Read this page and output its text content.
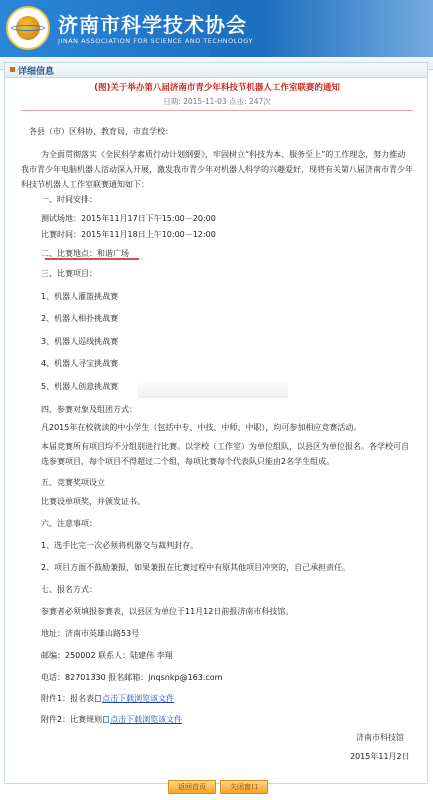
济南市科学技术协会
JINAN ASSOCIATION FOR SCIENCE AND TECHNOLOGY
详细信息
(图)关于举办第八届济南市青少年科技节机器人工作室联赛的通知
日期: 2015-11-03 点击: 247次
各县（市）区科协、教育局，市直学校：
为全面贯彻落实《全民科学素质行动计划纲要》，牢固树立“科技为本、服务至上”的工作理念，努力推动我市青少年电脑机器人活动深入开展，激发我市青少年对机器人科学的兴趣爱好，现将有关第八届济南市青少年科技节机器人工作室联赛通知如下：
一、时间安排：
测试场地：2015年11月17日下午15:00－20:00
比赛时间：2015年11月18日上午10:00－12:00
二、比赛地点：和谐广场
三、比赛项目：
1、机器人灌篮挑战赛
2、机器人相扑挑战赛
3、机器人巡线挑战赛
4、机器人寻宝挑战赛
5、机器人创意挑战赛
四、参赛对象及组团方式：
凡2015年在校就读的中小学生（包括中专、中技、中师、中职），均可参加相应竞赛活动。
本届竞赛所有项目均不分组别进行比赛。以学校（工作室）为单位组队，以县区为单位报名。各学校可自选参赛项目，每个项目不得超过二个组，每项比赛每个代表队只能由2名学生组成。
五、竞赛奖项设立
比赛设单项奖，并颁发证书。
六、注意事项：
1、选手比完一次必须将机器交与裁判封存。
2、项目方面不鼓励兼报，如果兼报在比赛过程中有原其他项目冲突的，自己承担责任。
七、报名方式：
参赛者必须填报参赛表，以县区为单位于11月12日前报济南市科技馆。
地址：济南市英雄山路53号
邮编：250002 联系人：陆建伟 李翔
电话：82701330 报名邮箱：jnqsnkp@163.com
附件1：报名表 点击下载浏览该文件
附件2：比赛规则 点击下载浏览该文件
济南市科技馆
2015年11月2日
返回首页	关闭窗口
